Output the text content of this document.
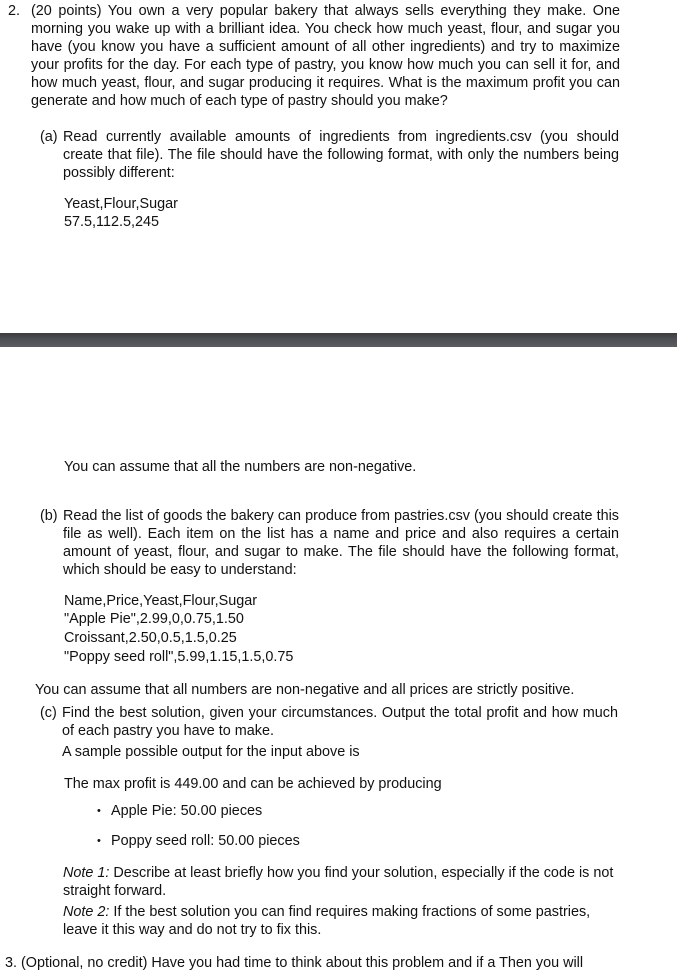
2. (20 points) You own a very popular bakery that always sells everything they make. One morning you wake up with a brilliant idea. You check how much yeast, flour, and sugar you have (you know you have a sufficient amount of all other ingredients) and try to maximize your profits for the day. For each type of pastry, you know how much you can sell it for, and how much yeast, flour, and sugar producing it requires. What is the maximum profit you can generate and how much of each type of pastry should you make?
(a) Read currently available amounts of ingredients from ingredients.csv (you should create that file). The file should have the following format, with only the numbers being possibly different:
Yeast,Flour,Sugar
57.5,112.5,245
You can assume that all the numbers are non-negative.
(b) Read the list of goods the bakery can produce from pastries.csv (you should create this file as well). Each item on the list has a name and price and also requires a certain amount of yeast, flour, and sugar to make. The file should have the following format, which should be easy to understand:
Name,Price,Yeast,Flour,Sugar
"Apple Pie",2.99,0,0.75,1.50
Croissant,2.50,0.5,1.5,0.25
"Poppy seed roll",5.99,1.15,1.5,0.75
You can assume that all numbers are non-negative and all prices are strictly positive.
(c) Find the best solution, given your circumstances. Output the total profit and how much of each pastry you have to make.
A sample possible output for the input above is
The max profit is 449.00 and can be achieved by producing
• Apple Pie: 50.00 pieces
• Poppy seed roll: 50.00 pieces
Note 1: Describe at least briefly how you find your solution, especially if the code is not straight forward.
Note 2: If the best solution you can find requires making fractions of some pastries, leave it this way and do not try to fix this.
3. (Optional, no credit) Have you had time to think about this problem and if a Then you will
